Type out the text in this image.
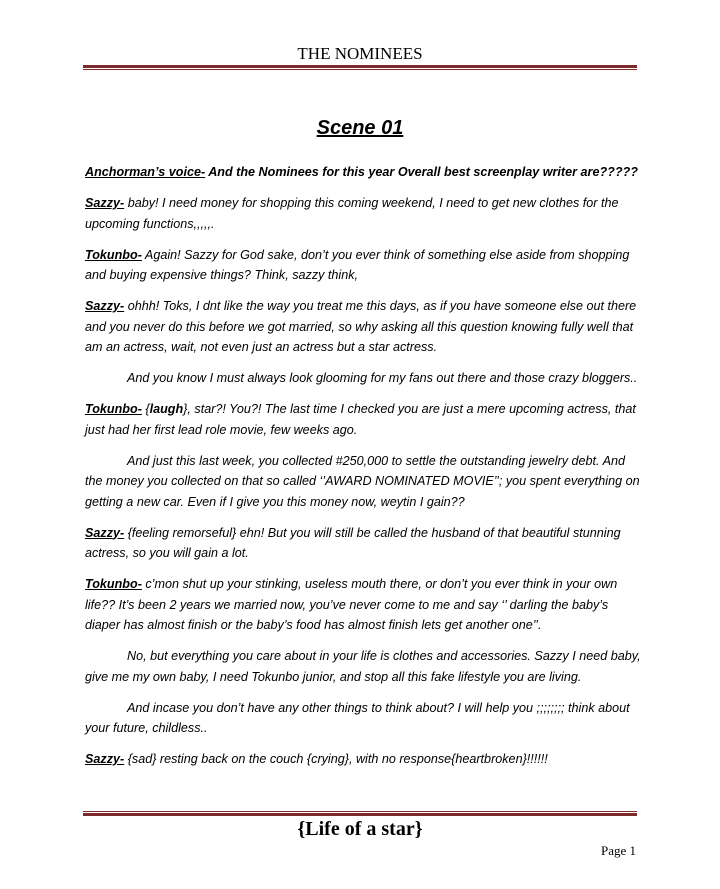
THE NOMINEES
Scene 01

Anchorman’s voice- And the Nominees for this year Overall best screenplay writer are?????

Sazzy- baby! I need money for shopping this coming weekend, I need to get new clothes for the upcoming functions,,,,,.

Tokunbo- Again! Sazzy for God sake, don’t you ever think of something else aside from shopping and buying expensive things? Think, sazzy think,

Sazzy- ohhh! Toks, I dnt like the way you treat me this days, as if you have someone else out there and you never do this before we got married, so why asking all this question knowing fully well that am an actress, wait, not even just an actress but a star actress.

And you know I must always look glooming for my fans out there and those crazy bloggers..

Tokunbo- {laugh}, star?! You?! The last time I checked you are just a mere upcoming actress, that just had her first lead role movie, few weeks ago.

And just this last week, you collected #250,000 to settle the outstanding jewelry debt. And the money you collected on that so called ‘’AWARD NOMINATED MOVIE’’; you spent everything on getting a new car. Even if I give you this money now, weytin I gain??

Sazzy- {feeling remorseful} ehn! But you will still be called the husband of that beautiful stunning actress, so you will gain a lot.

Tokunbo- c’mon shut up your stinking, useless mouth there, or don’t you ever think in your own life?? It’s been 2 years we married now, you’ve never come to me and say ‘’ darling the baby’s diaper has almost finish or the baby’s food has almost finish lets get another one’’.

No, but everything you care about in your life is clothes and accessories. Sazzy I need baby, give me my own baby, I need Tokunbo junior, and stop all this fake lifestyle you are living.

And incase you don’t have any other things to think about? I will help you ;;;;;;;; think about your future, childless..

Sazzy- {sad} resting back on the couch {crying}, with no response{heartbroken}!!!!!!

{Life of a star}
Page 1
